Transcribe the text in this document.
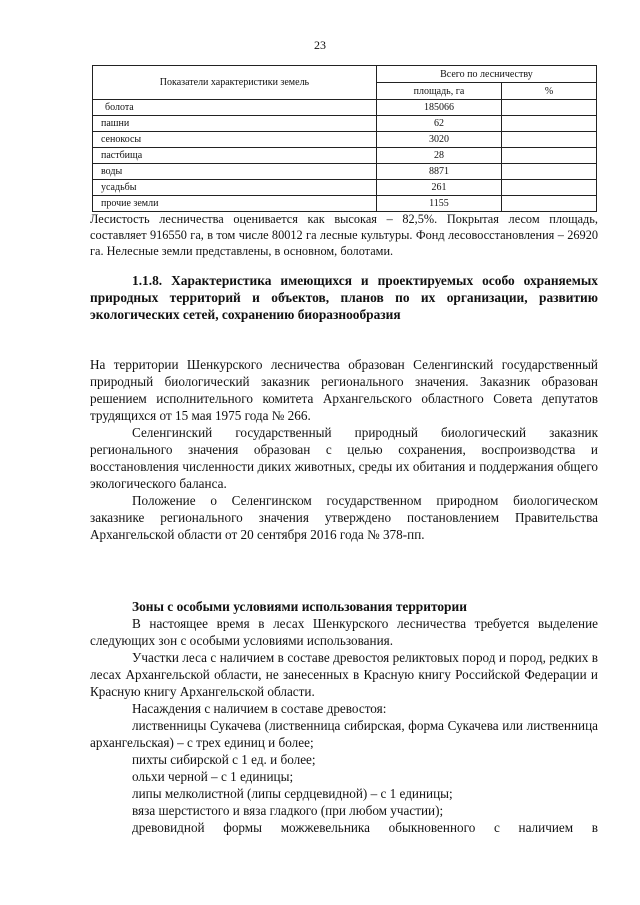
23
Показатели характеристики земель	Всего по лесничеству	
	площадь, га	%
болота	185066	
пашни	62	
сенокосы	3020	
пастбища	28	
воды	8871	
усадьбы	261	
прочие земли	1155	

Лесистость лесничества оценивается как высокая – 82,5%. Покрытая лесом площадь, составляет 916550 га, в том числе 80012 га лесные культуры. Фонд лесовосстановления – 26920 га. Нелесные земли представлены, в основном, болотами.

1.1.8. Характеристика имеющихся и проектируемых особо охраняемых природных территорий и объектов, планов по их организации, развитию экологических сетей, сохранению биоразнообразия

На территории Шенкурского лесничества образован Селенгинский государственный природный биологический заказник регионального значения. Заказник образован решением исполнительного комитета Архангельского областного Совета депутатов трудящихся от 15 мая 1975 года № 266.

Селенгинский государственный природный биологический заказник регионального значения образован с целью сохранения, воспроизводства и восстановления численности диких животных, среды их обитания и поддержания общего экологического баланса.

Положение о Селенгинском государственном природном биологическом заказнике регионального значения утверждено постановлением Правительства Архангельской области от 20 сентября 2016 года № 378-пп.

Зоны с особыми условиями использования территории

В настоящее время в лесах Шенкурского лесничества требуется выделение следующих зон с особыми условиями использования.

Участки леса с наличием в составе древостоя реликтовых пород и пород, редких в лесах Архангельской области, не занесенных в Красную книгу Российской Федерации и Красную книгу Архангельской области.

Насаждения с наличием в составе древостоя:

лиственницы Сукачева (лиственница сибирская, форма Сукачева или лиственница архангельская) – с трех единиц и более;

пихты сибирской с 1 ед. и более;

ольхи черной – с 1 единицы;

липы мелколистной (липы сердцевидной) – с 1 единицы;

вяза шерстистого и вяза гладкого (при любом участии);

древовидной формы можжевельника обыкновенного с наличием в
